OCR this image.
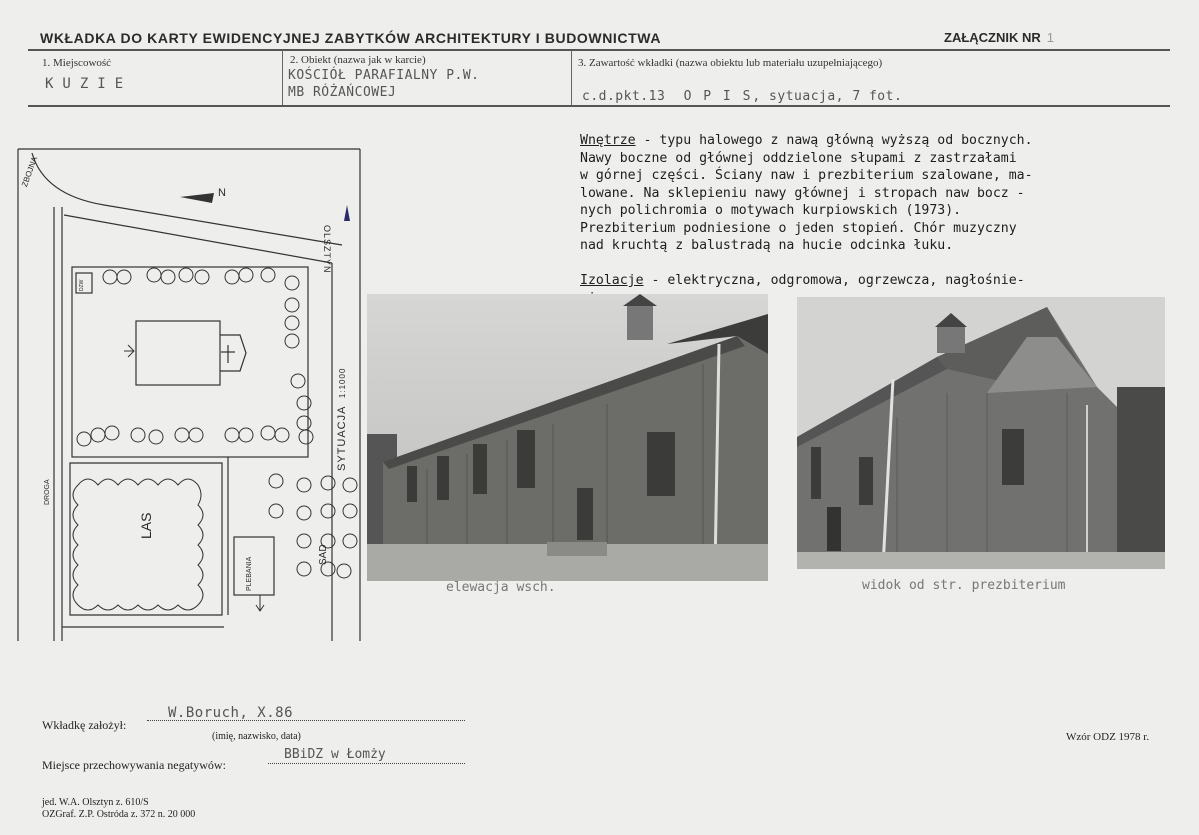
WKŁADKA DO KARTY EWIDENCYJNEJ ZABYTKÓW ARCHITEKTURY I BUDOWNICTWA	ZAŁĄCZNIK NR 1
1. Miejscowość
KUZIE
2. Obiekt (nazwa jak w karcie)
KOŚCIÓŁ PARAFIALNY P.W.
MB RÓŻAŃCOWEJ
3. Zawartość wkładki (nazwa obiektu lub materiału uzupełniającego)
c.d.pkt.13 O P I S, sytuacja, 7 fot.
Wnętrze - typu halowego z nawą główną wyższą od bocznych.
Nawy boczne od głównej oddzielone słupami z zastrzałami
w górnej części. Ściany naw i prezbiterium szalowane, ma-
lowane. Na sklepieniu nawy głównej i stropach naw bocz -
nych polichromia o motywach kurpiowskich (1973).
Prezbiterium podniesione o jeden stopień. Chór muzyczny
nad kruchtą z balustradą na hucie odcinka łuku.

Izolacje - elektryczna, odgromowa, ogrzewcza, nagłośnie-

ZBOJNA
OLSZTYN
N
SYTUACJA 1:1000
DROGA
LAS
SAD
PLEBANIA
DZW
elewacja wsch.	widok od str. prezbiterium
Wkładkę założył:
W.Boruch, X.86
(imię, nazwisko, data)
Miejsce przechowywania negatywów:
BBiDZ w Łomży
Wzór ODZ 1978 r.
jed. W.A. Olsztyn z. 610/S
OZGraf. Z.P. Ostróda z. 372 n. 20 000
